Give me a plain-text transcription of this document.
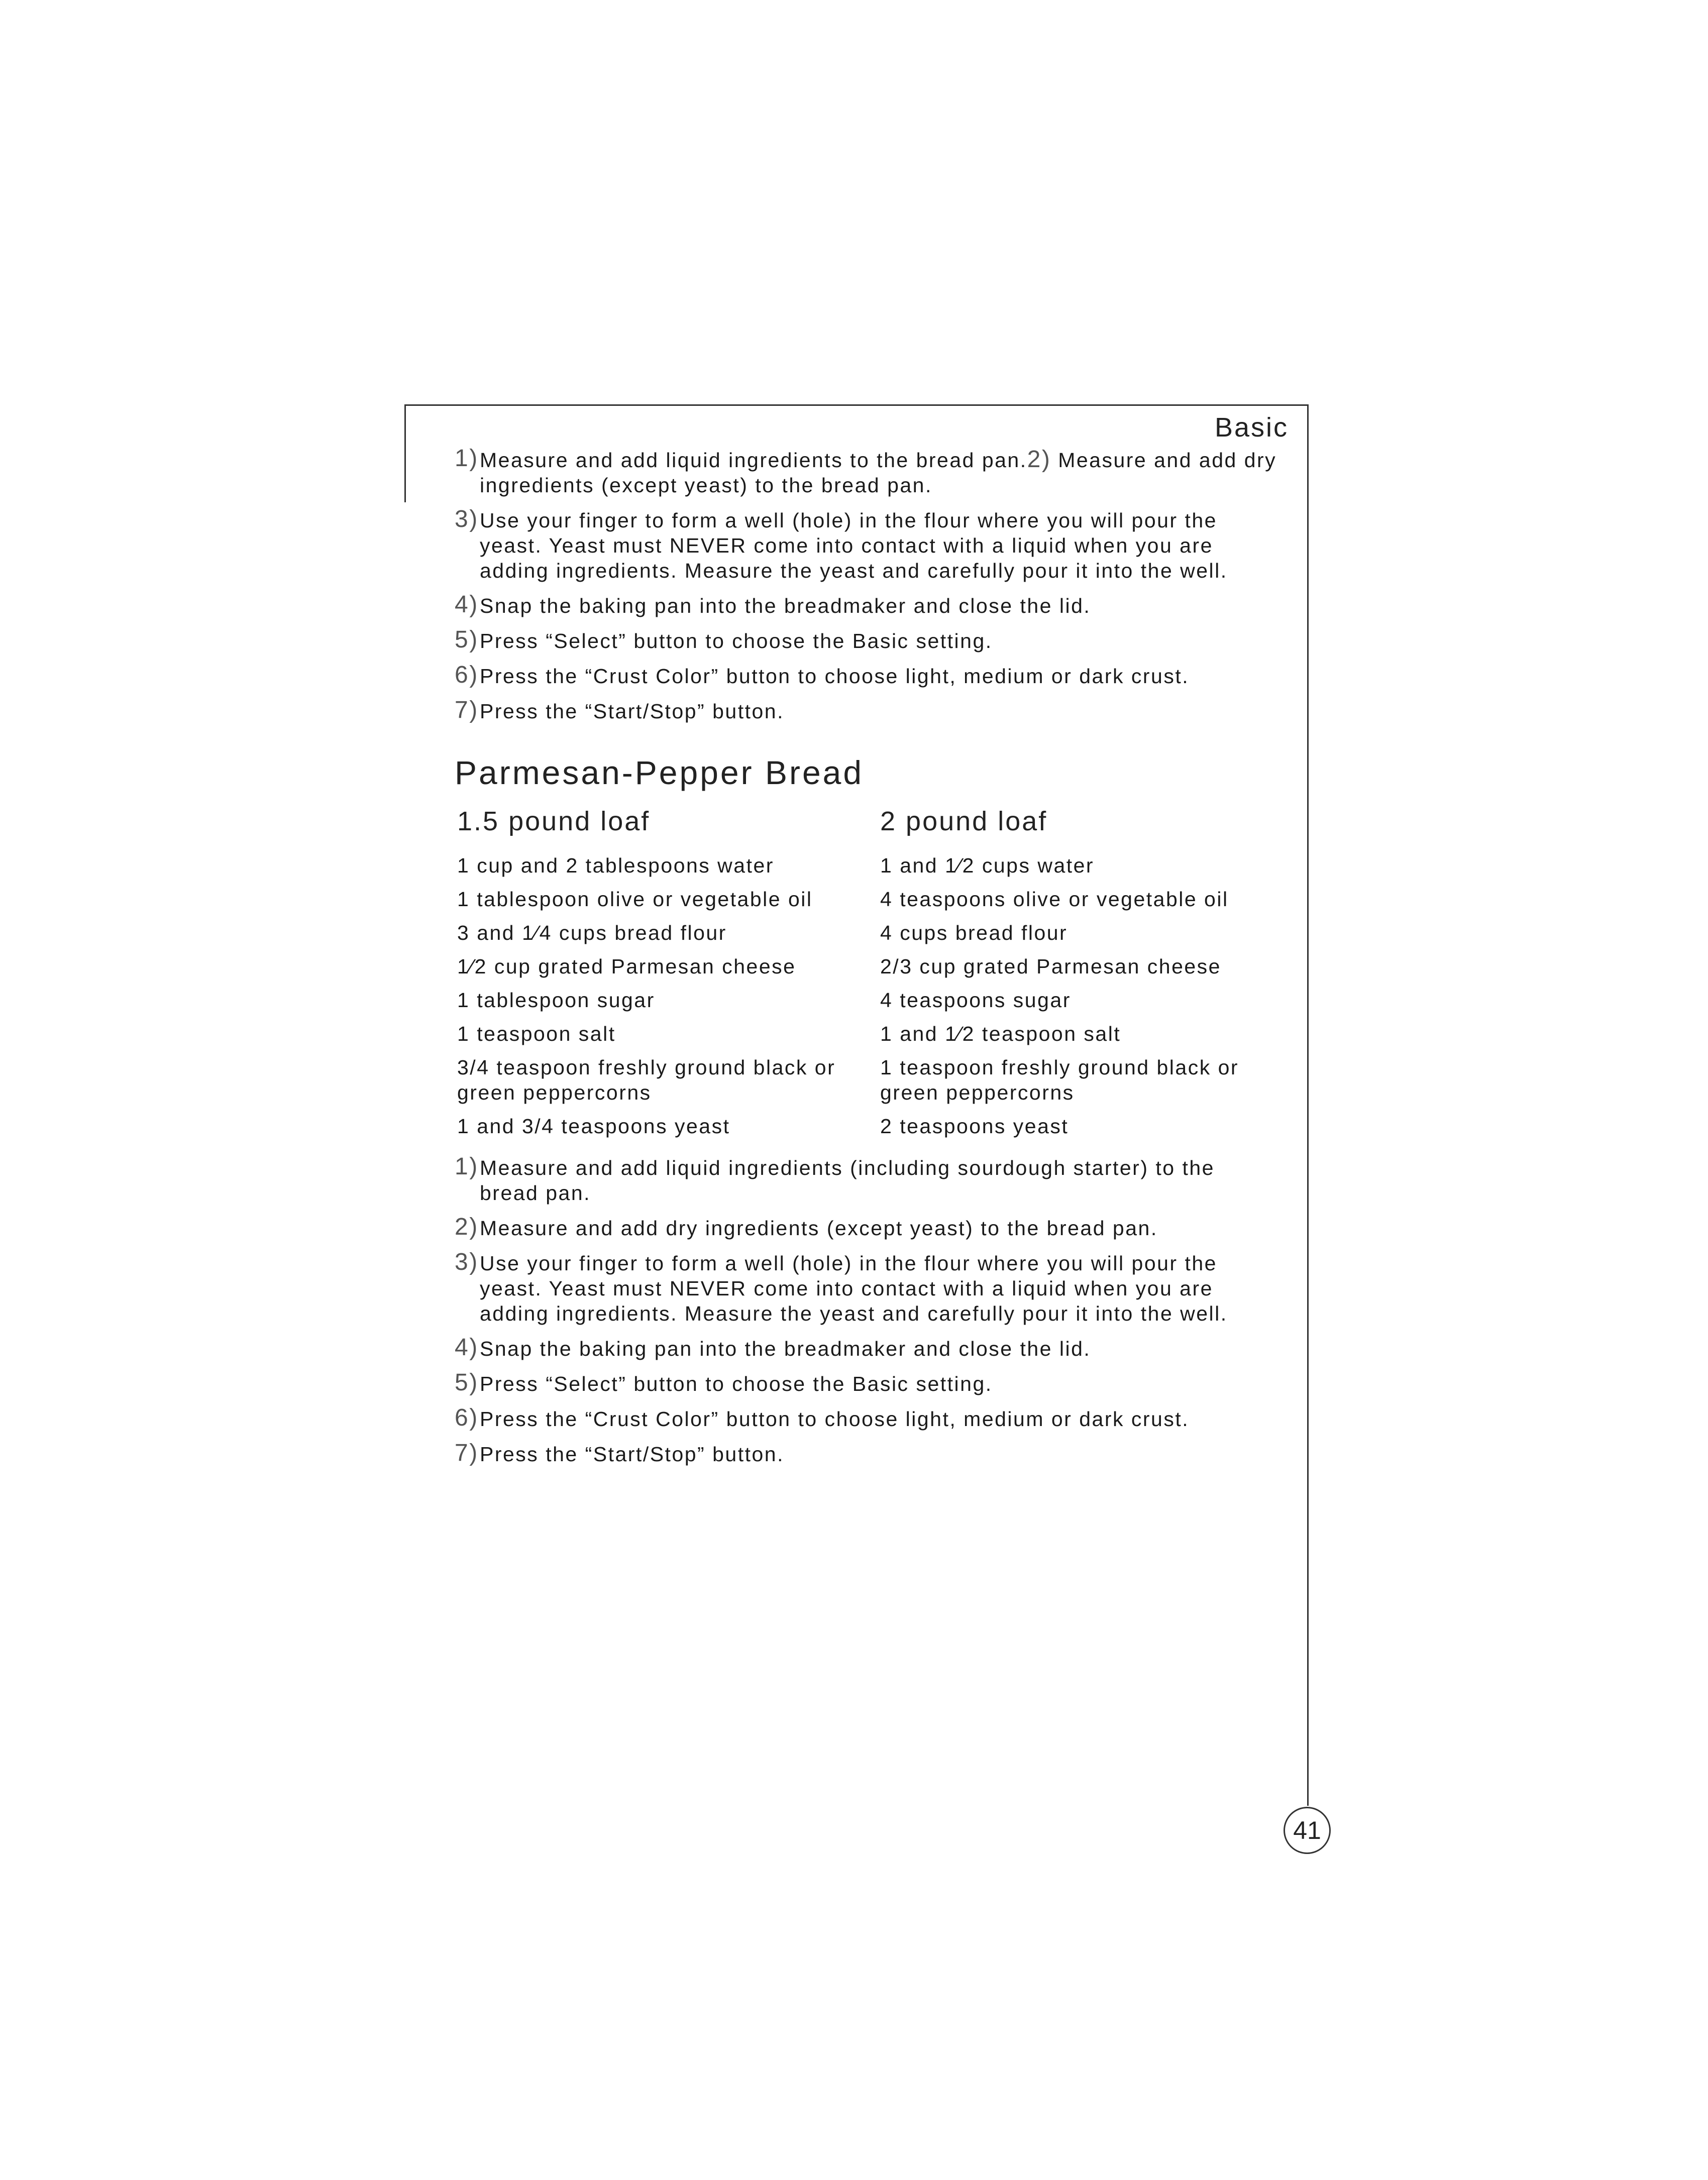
Basic
1) Measure and add liquid ingredients to the bread pan.2) Measure and add dry ingredients (except yeast) to the bread pan.
3) Use your finger to form a well (hole) in the flour where you will pour the yeast. Yeast must NEVER come into contact with a liquid when you are adding ingredients. Measure the yeast and carefully pour it into the well.
4) Snap the baking pan into the breadmaker and close the lid.
5) Press “Select” button to choose the Basic setting.
6) Press the “Crust Color” button to choose light, medium or dark crust.
7) Press the “Start/Stop” button.
Parmesan-Pepper Bread
1.5 pound loaf
1 cup and 2 tablespoons water
1 tablespoon olive or vegetable oil
3 and 1⁄4 cups bread flour
1⁄2 cup grated Parmesan cheese
1 tablespoon sugar
1 teaspoon salt
3/4 teaspoon freshly ground black or green peppercorns
1 and 3/4 teaspoons yeast
2 pound loaf
1 and 1⁄2 cups water
4 teaspoons olive or vegetable oil
4 cups bread flour
2/3 cup grated Parmesan cheese
4 teaspoons sugar
1 and 1⁄2 teaspoon salt
1 teaspoon freshly ground black or green peppercorns
2 teaspoons yeast
1) Measure and add liquid ingredients (including sourdough starter) to the bread pan.
2) Measure and add dry ingredients (except yeast) to the bread pan.
3) Use your finger to form a well (hole) in the flour where you will pour the yeast. Yeast must NEVER come into contact with a liquid when you are adding ingredients. Measure the yeast and carefully pour it into the well.
4) Snap the baking pan into the breadmaker and close the lid.
5) Press “Select” button to choose the Basic setting.
6) Press the “Crust Color” button to choose light, medium or dark crust.
7) Press the “Start/Stop” button.
41
